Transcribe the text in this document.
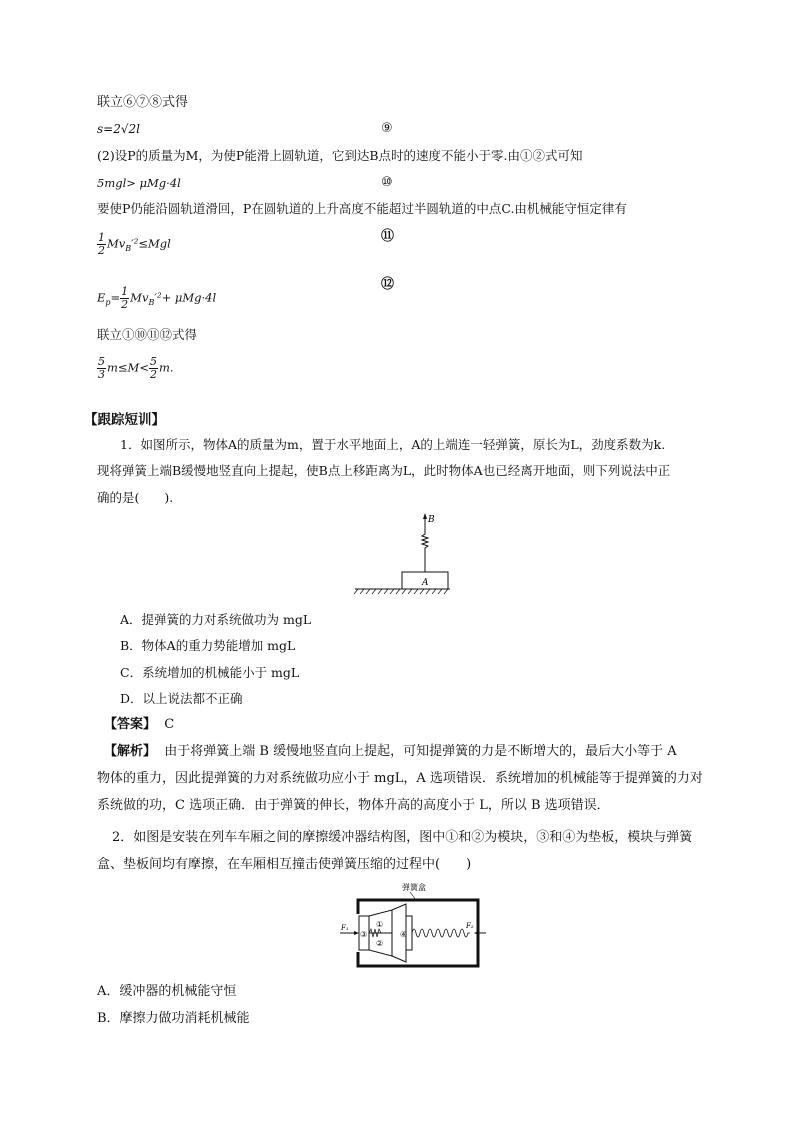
联立⑥⑦⑧式得
s=2√2l	⑨
(2)设P的质量为M，为使P能滑上圆轨道，它到达B点时的速度不能小于零.由①②式可知
5mgl> μMg·4l	⑩
要使P仍能沿圆轨道滑回，P在圆轨道的上升高度不能超过半圆轨道的中点C.由机械能守恒定律有
$\frac{1}{2} Mv_B'^2\le Mgl$	⑪
$E_p= \frac{1}{2} Mv_B'^2+ \mu Mg\cdot 4l$
⑫
联立①⑩⑪⑫式得
$\frac{5}{3} m\le M< \frac{5}{2} m$.
【跟踪短训】
1．如图所示，物体A的质量为m，置于水平地面上，A的上端连一轻弹簧，原长为L，劲度系数为k.
现将弹簧上端B缓慢地竖直向上提起，使B点上移距离为L，此时物体A也已经离开地面，则下列说法中正
确的是(　　).
B
A
A．提弹簧的力对系统做功为 mgL
B．物体A的重力势能增加 mgL
C．系统增加的机械能小于 mgL
D．以上说法都不正确
【答案】 C
【解析】 由于将弹簧上端 B 缓慢地竖直向上提起，可知提弹簧的力是不断增大的，最后大小等于 A
物体的重力，因此提弹簧的力对系统做功应小于 mgL，A 选项错误．系统增加的机械能等于提弹簧的力对
系统做的功，C 选项正确．由于弹簧的伸长，物体升高的高度小于 L，所以 B 选项错误．
2．如图是安装在列车车厢之间的摩擦缓冲器结构图，图中①和②为模块，③和④为垫板，模块与弹簧
盒、垫板间均有摩擦，在车厢相互撞击使弹簧压缩的过程中(　　)
弹簧盒
③
①
②
④
F₁	F₂
A．缓冲器的机械能守恒
B．摩擦力做功消耗机械能
